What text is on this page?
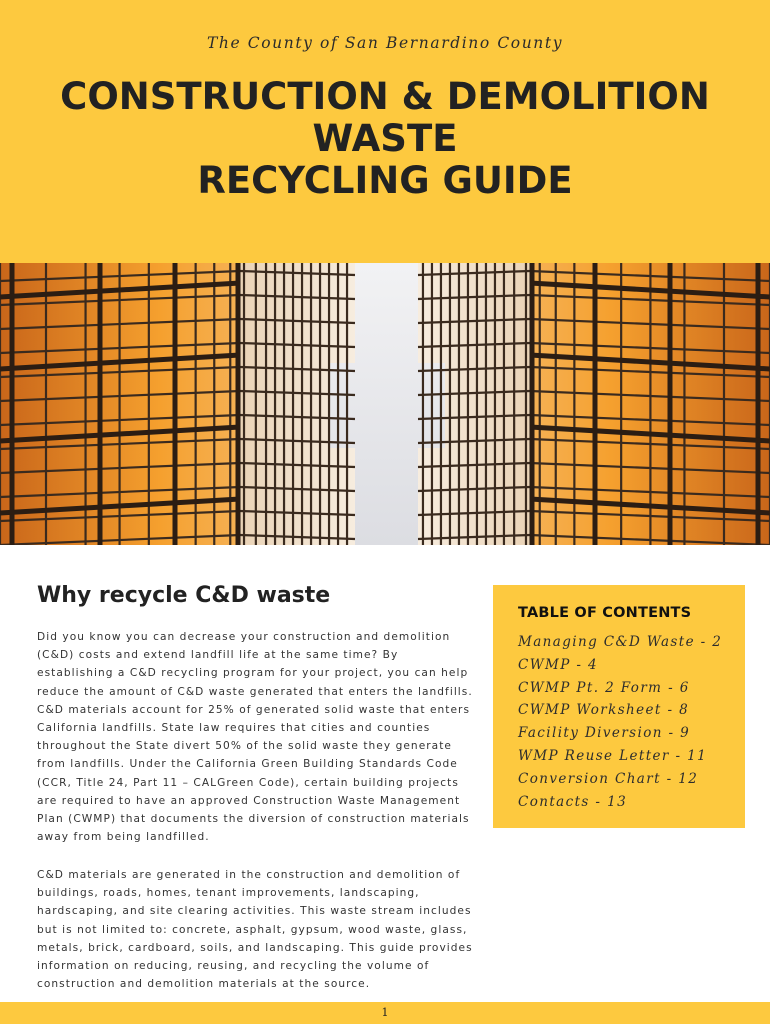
The County of San Bernardino County
CONSTRUCTION & DEMOLITION
WASTE
RECYCLING GUIDE
Why recycle C&D waste

Did you know you can decrease your construction and demolition (C&D) costs and extend landfill life at the same time? By establishing a C&D recycling program for your project, you can help reduce the amount of C&D waste generated that enters the landfills. C&D materials account for 25% of generated solid waste that enters California landfills. State law requires that cities and counties throughout the State divert 50% of the solid waste they generate from landfills. Under the California Green Building Standards Code (CCR, Title 24, Part 11 – CALGreen Code), certain building projects are required to have an approved Construction Waste Management Plan (CWMP) that documents the diversion of construction materials away from being landfilled.

C&D materials are generated in the construction and demolition of buildings, roads, homes, tenant improvements, landscaping, hardscaping, and site clearing activities. This waste stream includes but is not limited to: concrete, asphalt, gypsum, wood waste, glass, metals, brick, cardboard, soils, and landscaping. This guide provides information on reducing, reusing, and recycling the volume of construction and demolition materials at the source.

TABLE OF CONTENTS
Managing C&D Waste - 2
CWMP - 4
CWMP Pt. 2 Form - 6
CWMP Worksheet - 8
Facility Diversion - 9
WMP Reuse Letter - 11
Conversion Chart - 12
Contacts - 13
1
